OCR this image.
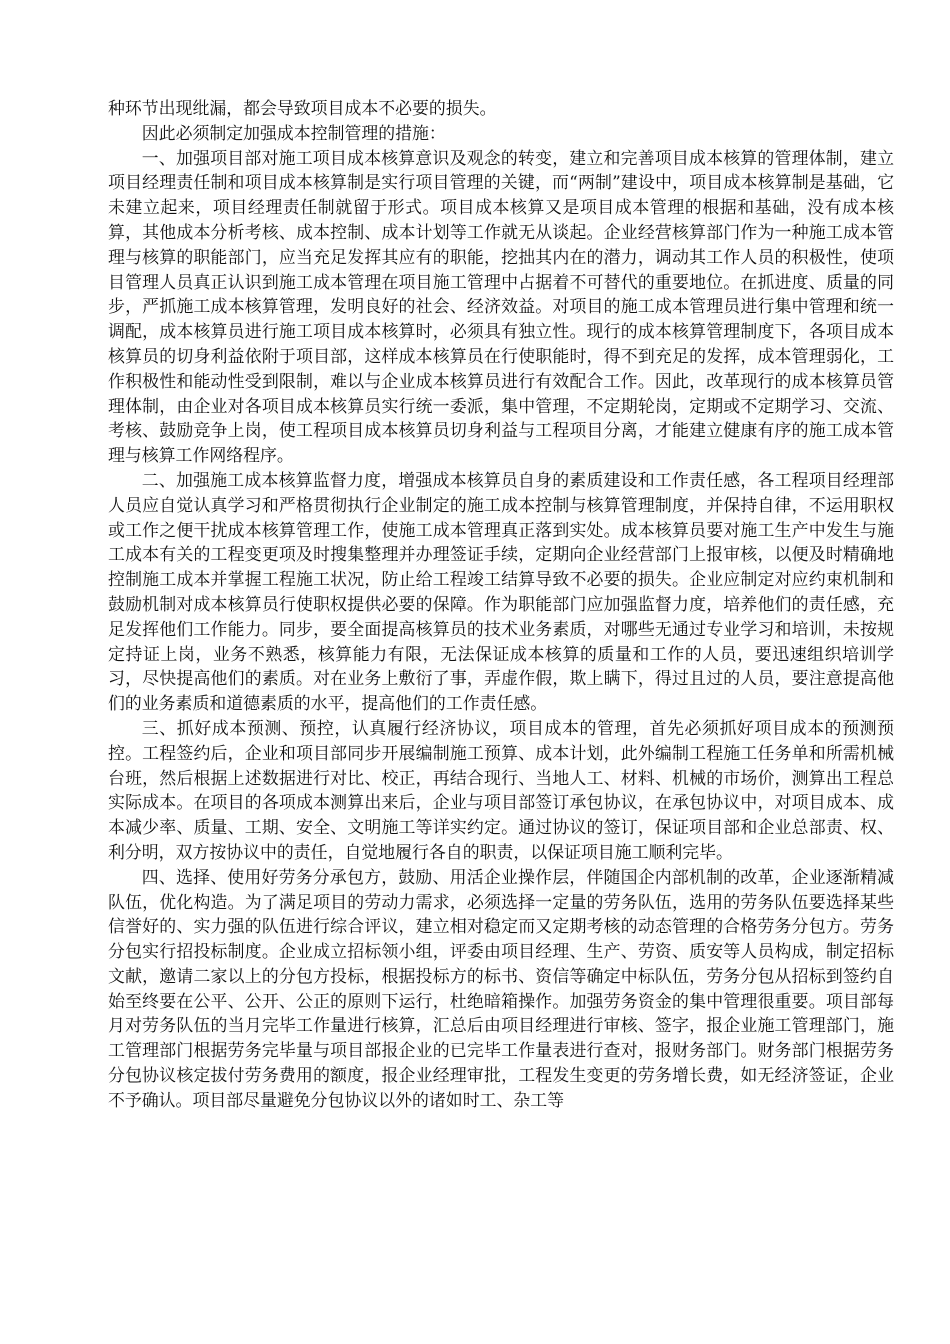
种环节出现纰漏，都会导致项目成本不必要的损失。

因此必须制定加强成本控制管理的措施：

一、加强项目部对施工项目成本核算意识及观念的转变，建立和完善项目成本核算的管理体制，建立项目经理责任制和项目成本核算制是实行项目管理的关键，而“两制”建设中，项目成本核算制是基础，它未建立起来，项目经理责任制就留于形式。项目成本核算又是项目成本管理的根据和基础，没有成本核算，其他成本分析考核、成本控制、成本计划等工作就无从谈起。企业经营核算部门作为一种施工成本管理与核算的职能部门，应当充足发挥其应有的职能，挖拙其内在的潜力，调动其工作人员的积极性，使项目管理人员真正认识到施工成本管理在项目施工管理中占据着不可替代的重要地位。在抓进度、质量的同步，严抓施工成本核算管理，发明良好的社会、经济效益。对项目的施工成本管理员进行集中管理和统一调配，成本核算员进行施工项目成本核算时，必须具有独立性。现行的成本核算管理制度下，各项目成本核算员的切身利益依附于项目部，这样成本核算员在行使职能时，得不到充足的发挥，成本管理弱化，工作积极性和能动性受到限制，难以与企业成本核算员进行有效配合工作。因此，改革现行的成本核算员管理体制，由企业对各项目成本核算员实行统一委派，集中管理，不定期轮岗，定期或不定期学习、交流、考核、鼓励竞争上岗，使工程项目成本核算员切身利益与工程项目分离，才能建立健康有序的施工成本管理与核算工作网络程序。

二、加强施工成本核算监督力度，增强成本核算员自身的素质建设和工作责任感，各工程项目经理部人员应自觉认真学习和严格贯彻执行企业制定的施工成本控制与核算管理制度，并保持自律，不运用职权或工作之便干扰成本核算管理工作，使施工成本管理真正落到实处。成本核算员要对施工生产中发生与施工成本有关的工程变更项及时搜集整理并办理签证手续，定期向企业经营部门上报审核，以便及时精确地控制施工成本并掌握工程施工状况，防止给工程竣工结算导致不必要的损失。企业应制定对应约束机制和鼓励机制对成本核算员行使职权提供必要的保障。作为职能部门应加强监督力度，培养他们的责任感，充足发挥他们工作能力。同步，要全面提高核算员的技术业务素质，对哪些无通过专业学习和培训，未按规定持证上岗，业务不熟悉，核算能力有限，无法保证成本核算的质量和工作的人员，要迅速组织培训学习，尽快提高他们的素质。对在业务上敷衍了事，弄虚作假，欺上瞒下，得过且过的人员，要注意提高他们的业务素质和道德素质的水平，提高他们的工作责任感。

三、抓好成本预测、预控，认真履行经济协议，项目成本的管理，首先必须抓好项目成本的预测预控。工程签约后，企业和项目部同步开展编制施工预算、成本计划，此外编制工程施工任务单和所需机械台班，然后根据上述数据进行对比、校正，再结合现行、当地人工、材料、机械的市场价，测算出工程总实际成本。在项目的各项成本测算出来后，企业与项目部签订承包协议，在承包协议中，对项目成本、成本减少率、质量、工期、安全、文明施工等详实约定。通过协议的签订，保证项目部和企业总部责、权、利分明，双方按协议中的责任，自觉地履行各自的职责，以保证项目施工顺利完毕。

四、选择、使用好劳务分承包方，鼓励、用活企业操作层，伴随国企内部机制的改革，企业逐渐精减队伍，优化构造。为了满足项目的劳动力需求，必须选择一定量的劳务队伍，选用的劳务队伍要选择某些信誉好的、实力强的队伍进行综合评议，建立相对稳定而又定期考核的动态管理的合格劳务分包方。劳务分包实行招投标制度。企业成立招标领小组，评委由项目经理、生产、劳资、质安等人员构成，制定招标文献，邀请二家以上的分包方投标，根据投标方的标书、资信等确定中标队伍，劳务分包从招标到签约自始至终要在公平、公开、公正的原则下运行，杜绝暗箱操作。加强劳务资金的集中管理很重要。项目部每月对劳务队伍的当月完毕工作量进行核算，汇总后由项目经理进行审核、签字，报企业施工管理部门，施工管理部门根据劳务完毕量与项目部报企业的已完毕工作量表进行查对，报财务部门。财务部门根据劳务分包协议核定拔付劳务费用的额度，报企业经理审批，工程发生变更的劳务增长费，如无经济签证，企业不予确认。项目部尽量避免分包协议以外的诸如时工、杂工等
